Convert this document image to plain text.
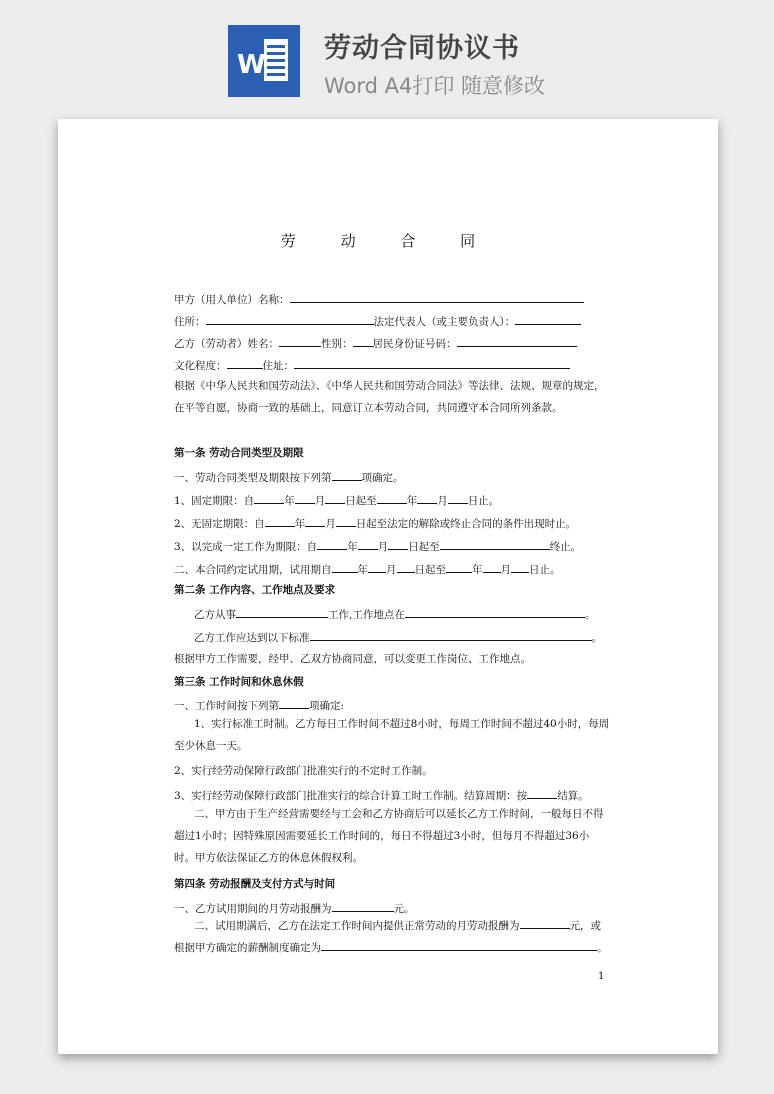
W
劳动合同协议书
Word A4打印 随意修改
劳 动 合 同
甲方（用人单位）名称：
住所：	法定代表人（或主要负责人）：
乙方（劳动者）姓名：	性别： 居民身份证号码：
文化程度：	住址：
根据《中华人民共和国劳动法》、《中华人民共和国劳动合同法》等法律、法规、规章的规定，在平等自愿，协商一致的基础上，同意订立本劳动合同，共同遵守本合同所列条款。
第一条 劳动合同类型及期限
一、劳动合同类型及期限按下列第	项确定。
1、固定期限：自	年 月 日起至	年 月 日止。
2、无固定期限：自	年 月 日起至法定的解除或终止合同的条件出现时止。
3、以完成一定工作为期限：自	年 月 日起至	终止。
二、本合同约定试用期，试用期自 年 月 日起至 年 月 日止。
第二条 工作内容、工作地点及要求
乙方从事	工作,工作地点在	。
乙方工作应达到以下标准	。
根据甲方工作需要，经甲、乙双方协商同意，可以变更工作岗位、工作地点。
第三条 工作时间和休息休假
一、工作时间按下列第	项确定:
1、实行标准工时制。乙方每日工作时间不超过8小时，每周工作时间不超过40小时，每周至少休息一天。
2、实行经劳动保障行政部门批准实行的不定时工作制。
3、实行经劳动保障行政部门批准实行的综合计算工时工作制。结算周期：按	结算。
二、甲方由于生产经营需要经与工会和乙方协商后可以延长乙方工作时间，一般每日不得超过1小时；因特殊原因需要延长工作时间的，每日不得超过3小时，但每月不得超过36小时。甲方依法保证乙方的休息休假权利。
第四条 劳动报酬及支付方式与时间
一、乙方试用期间的月劳动报酬为	元。
二、试用期满后，乙方在法定工作时间内提供正常劳动的月劳动报酬为	元，或根据甲方确定的薪酬制度确定为	。
1
